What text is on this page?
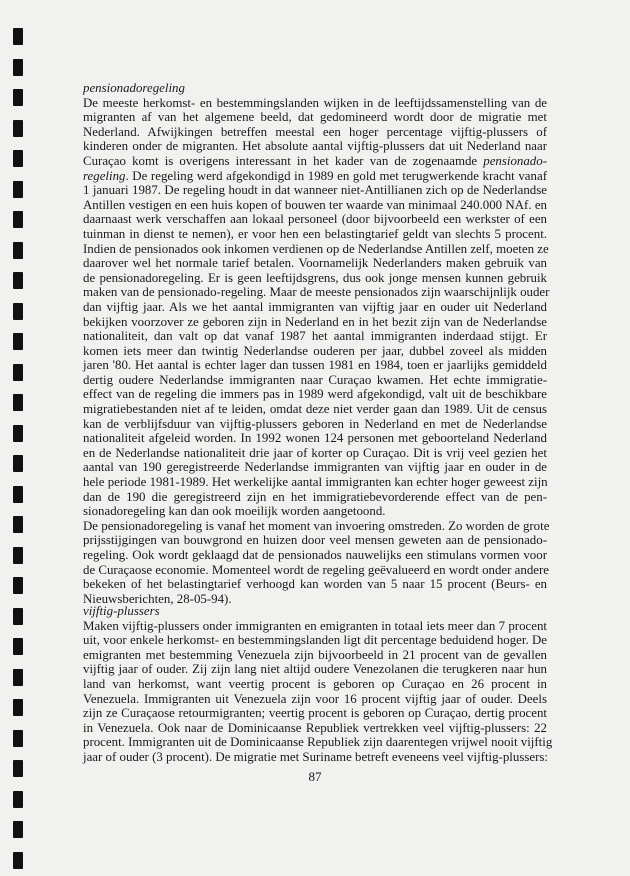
pensionadoregeling
De meeste herkomst- en bestemmingslanden wijken in de leeftijdssamenstelling van de
migranten af van het algemene beeld, dat gedomineerd wordt door de migratie met
Nederland. Afwijkingen betreffen meestal een hoger percentage vijftig-plussers of
kinderen onder de migranten. Het absolute aantal vijftig-plussers dat uit Nederland naar
Curaçao komt is overigens interessant in het kader van de zogenaamde pensionado-
regeling. De regeling werd afgekondigd in 1989 en gold met terugwerkende kracht vanaf
1 januari 1987. De regeling houdt in dat wanneer niet-Antillianen zich op de Nederlandse
Antillen vestigen en een huis kopen of bouwen ter waarde van minimaal 240.000 NAf. en
daarnaast werk verschaffen aan lokaal personeel (door bijvoorbeeld een werkster of een
tuinman in dienst te nemen), er voor hen een belastingtarief geldt van slechts 5 procent.
Indien de pensionados ook inkomen verdienen op de Nederlandse Antillen zelf, moeten ze
daarover wel het normale tarief betalen. Voornamelijk Nederlanders maken gebruik van
de pensionadoregeling. Er is geen leeftijdsgrens, dus ook jonge mensen kunnen gebruik
maken van de pensionado-regeling. Maar de meeste pensionados zijn waarschijnlijk ouder
dan vijftig jaar. Als we het aantal immigranten van vijftig jaar en ouder uit Nederland
bekijken voorzover ze geboren zijn in Nederland en in het bezit zijn van de Nederlandse
nationaliteit, dan valt op dat vanaf 1987 het aantal immigranten inderdaad stijgt. Er
komen iets meer dan twintig Nederlandse ouderen per jaar, dubbel zoveel als midden
jaren '80. Het aantal is echter lager dan tussen 1981 en 1984, toen er jaarlijks gemiddeld
dertig oudere Nederlandse immigranten naar Curaçao kwamen. Het echte immigratie-
effect van de regeling die immers pas in 1989 werd afgekondigd, valt uit de beschikbare
migratiebestanden niet af te leiden, omdat deze niet verder gaan dan 1989. Uit de census
kan de verblijfsduur van vijftig-plussers geboren in Nederland en met de Nederlandse
nationaliteit afgeleid worden. In 1992 wonen 124 personen met geboorteland Nederland
en de Nederlandse nationaliteit drie jaar of korter op Curaçao. Dit is vrij veel gezien het
aantal van 190 geregistreerde Nederlandse immigranten van vijftig jaar en ouder in de
hele periode 1981-1989. Het werkelijke aantal immigranten kan echter hoger geweest zijn
dan de 190 die geregistreerd zijn en het immigratiebevorderende effect van de pen-
sionadoregeling kan dan ook moeilijk worden aangetoond.
De pensionadoregeling is vanaf het moment van invoering omstreden. Zo worden de grote
prijsstijgingen van bouwgrond en huizen door veel mensen geweten aan de pensionado-
regeling. Ook wordt geklaagd dat de pensionados nauwelijks een stimulans vormen voor
de Curaçaose economie. Momenteel wordt de regeling geëvalueerd en wordt onder andere
bekeken of het belastingtarief verhoogd kan worden van 5 naar 15 procent (Beurs- en
Nieuwsberichten, 28-05-94).
vijftig-plussers
Maken vijftig-plussers onder immigranten en emigranten in totaal iets meer dan 7 procent
uit, voor enkele herkomst- en bestemmingslanden ligt dit percentage beduidend hoger. De
emigranten met bestemming Venezuela zijn bijvoorbeeld in 21 procent van de gevallen
vijftig jaar of ouder. Zij zijn lang niet altijd oudere Venezolanen die terugkeren naar hun
land van herkomst, want veertig procent is geboren op Curaçao en 26 procent in
Venezuela. Immigranten uit Venezuela zijn voor 16 procent vijftig jaar of ouder. Deels
zijn ze Curaçaose retourmigranten; veertig procent is geboren op Curaçao, dertig procent
in Venezuela. Ook naar de Dominicaanse Republiek vertrekken veel vijftig-plussers: 22
procent. Immigranten uit de Dominicaanse Republiek zijn daarentegen vrijwel nooit vijftig
jaar of ouder (3 procent). De migratie met Suriname betreft eveneens veel vijftig-plussers:
87
